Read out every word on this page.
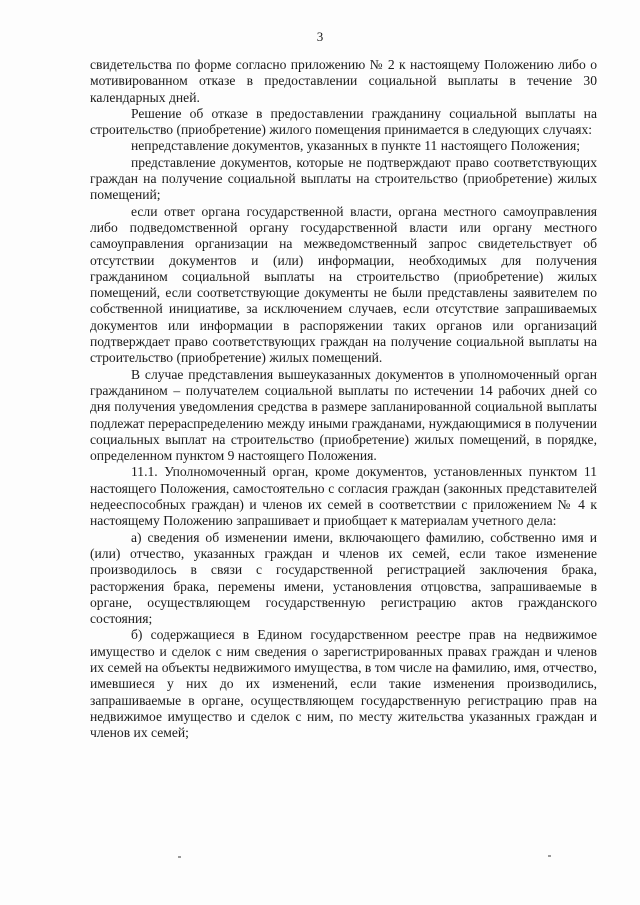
3

свидетельства по форме согласно приложению № 2 к настоящему Положению либо о мотивированном отказе в предоставлении социальной выплаты в течение 30 календарных дней.

Решение об отказе в предоставлении гражданину социальной выплаты на строительство (приобретение) жилого помещения принимается в следующих случаях:

непредставление документов, указанных в пункте 11 настоящего Положения;

представление документов, которые не подтверждают право соответствующих граждан на получение социальной выплаты на строительство (приобретение) жилых помещений;

если ответ органа государственной власти, органа местного самоуправления либо подведомственной органу государственной власти или органу местного самоуправления организации на межведомственный запрос свидетельствует об отсутствии документов и (или) информации, необходимых для получения гражданином социальной выплаты на строительство (приобретение) жилых помещений, если соответствующие документы не были представлены заявителем по собственной инициативе, за исключением случаев, если отсутствие запрашиваемых документов или информации в распоряжении таких органов или организаций подтверждает право соответствующих граждан на получение социальной выплаты на строительство (приобретение) жилых помещений.

В случае представления вышеуказанных документов в уполномоченный орган гражданином – получателем социальной выплаты по истечении 14 рабочих дней со дня получения уведомления средства в размере запланированной социальной выплаты подлежат перераспределению между иными гражданами, нуждающимися в получении социальных выплат на строительство (приобретение) жилых помещений, в порядке, определенном пунктом 9 настоящего Положения.

11.1. Уполномоченный орган, кроме документов, установленных пунктом 11 настоящего Положения, самостоятельно с согласия граждан (законных представителей недееспособных граждан) и членов их семей в соответствии с приложением № 4 к настоящему Положению запрашивает и приобщает к материалам учетного дела:

а) сведения об изменении имени, включающего фамилию, собственно имя и (или) отчество, указанных граждан и членов их семей, если такое изменение производилось в связи с государственной регистрацией заключения брака, расторжения брака, перемены имени, установления отцовства, запрашиваемые в органе, осуществляющем государственную регистрацию актов гражданского состояния;

б) содержащиеся в Едином государственном реестре прав на недвижимое имущество и сделок с ним сведения о зарегистрированных правах граждан и членов их семей на объекты недвижимого имущества, в том числе на фамилию, имя, отчество, имевшиеся у них до их изменений, если такие изменения производились, запрашиваемые в органе, осуществляющем государственную регистрацию прав на недвижимое имущество и сделок с ним, по месту жительства указанных граждан и членов их семей;
